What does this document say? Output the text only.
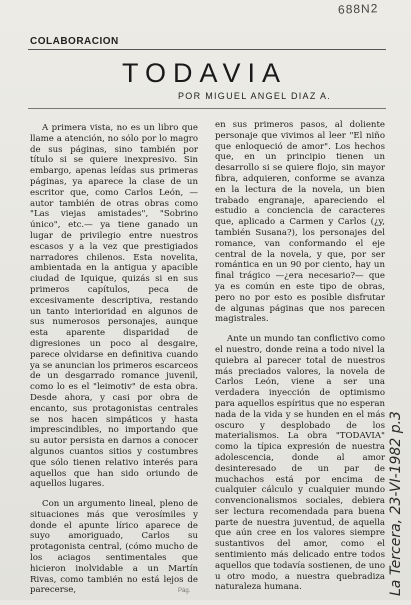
688N2
COLABORACION
TODAVIA
POR MIGUEL ANGEL DIAZ A.

A primera vista, no es un libro que llame a atención, no sólo por lo magro de sus páginas, sino también por título si se quiere inexpresivo. Sin embargo, apenas leídas sus primeras páginas, ya aparece la clase de un escritor que, como Carlos León, —autor también de otras obras como "Las viejas amistades", "Sobrino único", etc.— ya tiene ganado un lugar de privilegio entre nuestros escasos y a la vez que prestigiados narradores chilenos. Esta novelita, ambientada en la antigua y apacible ciudad de Iquique, quizás si en sus primeros capítulos, peca de excesivamente descriptiva, restando un tanto interioridad en algunos de sus numerosos personajes, aunque esta aparente disparidad de digresiones un poco al desgaire, parece olvidarse en definitiva cuando ya se anuncian los primeros escarceos de un desgarrado romance juvenil, como lo es el "leimotiv" de esta obra. Desde ahora, y casi por obra de encanto, sus protagonistas centrales se nos hacen simpáticos y hasta imprescindibles, no importando que su autor persista en darnos a conocer algunos cuantos sitios y costumbres que sólo tienen relativo interés para aquellos que han sido oriundo de aquellos lugares.

Con un argumento lineal, pleno de situaciones más que verosímiles y donde el apunte lírico aparece de suyo amoriguado, Carlos su protagonista central, (cómo mucho de los aciagos sentimentales que hicieron inolvidable a un Martín Rivas, como también no está lejos de parecerse,

en sus primeros pasos, al doliente personaje que vivimos al leer "El niño que enloqueció de amor". Los hechos que, en un principio tienen un desarrollo si se quiere flojo, sin mayor fibra, adquieren, conforme se avanza en la lectura de la novela, un bien trabado engranaje, apareciendo el estudio a conciencia de caracteres que, aplicado a Carmen y Carlos (¿y, también Susana?), los personajes del romance, van conformando el eje central de la novela, y que, por ser romántica en un 90 por ciento, hay un final trágico —¿era necesario?— que ya es común en este tipo de obras, pero no por esto es posible disfrutar de algunas páginas que nos parecen magistrales.

Ante un mundo tan conflictivo como el nuestro, donde reina a todo nivel la quiebra al parecer total de nuestros más preciados valores, la novela de Carlos León, viene a ser una verdadera inyección de optimismo para aquellos espíritus que no esperan nada de la vida y se hunden en el más oscuro y desplobado de los materialismos. La obra "TODAVIA" como la típica expresión de nuestra adolescencia, donde al amor desinteresado de un par de muchachos está por encima de cualquier cálculo y cualquier mundo convencionalismos sociales, debiera ser lectura recomendada para buena parte de nuestra juventud, de aquella que aún cree en los valores siempre sustantivos del amor, como el sentimiento más delicado entre todos aquellos que todavía sostienen, de uno u otro modo, a nuestra quebradiza naturaleza humana.	La Tercera, 23-VI-1982 p.3
Pág.
